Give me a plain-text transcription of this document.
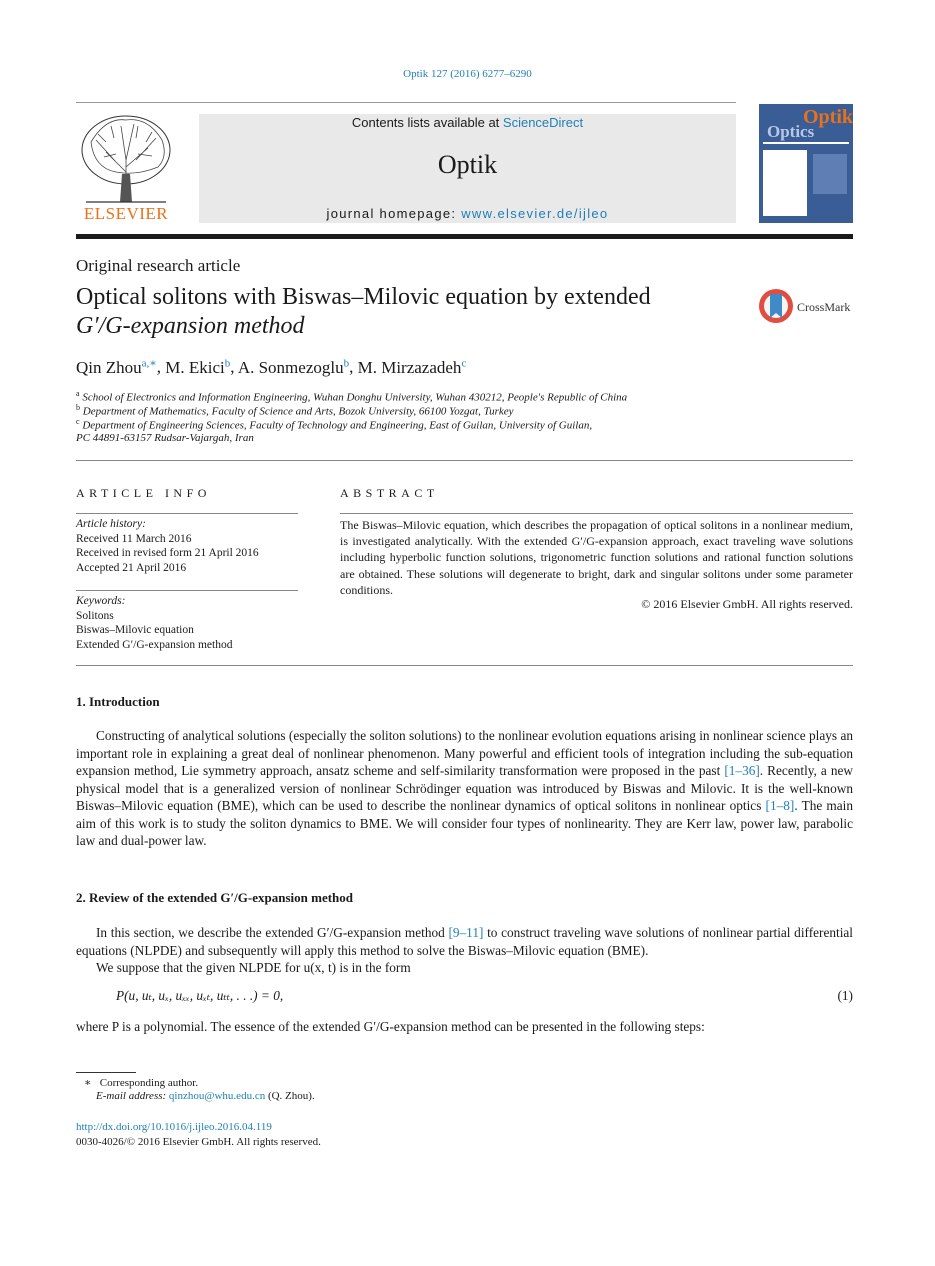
Optik 127 (2016) 6277–6290
ELSEVIER
Contents lists available at ScienceDirect
Optik
journal homepage: www.elsevier.de/ijleo
Optik
Optics
Original research article
Optical solitons with Biswas–Milovic equation by extended
G′/G-expansion method
CrossMark
Qin Zhou$^{a,∗}$, M. Ekici$^b$, A. Sonmezoglu$^b$, M. Mirzazadeh$^c$
$^a$ School of Electronics and Information Engineering, Wuhan Donghu University, Wuhan 430212, People's Republic of China
$^b$ Department of Mathematics, Faculty of Science and Arts, Bozok University, 66100 Yozgat, Turkey
$^c$ Department of Engineering Sciences, Faculty of Technology and Engineering, East of Guilan, University of Guilan,
PC 44891-63157 Rudsar-Vajargah, Iran
ARTICLE INFO	ABSTRACT
Article history:
Received 11 March 2016
Received in revised form 21 April 2016
Accepted 21 April 2016
Keywords:
Solitons
Biswas–Milovic equation
Extended G′/G-expansion method
The Biswas–Milovic equation, which describes the propagation of optical solitons in a nonlinear medium, is investigated analytically. With the extended G′/G-expansion approach, exact traveling wave solutions including hyperbolic function solutions, trigonometric function solutions and rational function solutions are obtained. These solutions will degenerate to bright, dark and singular solitons under some parameter conditions.
© 2016 Elsevier GmbH. All rights reserved.
1. Introduction
Constructing of analytical solutions (especially the soliton solutions) to the nonlinear evolution equations arising in nonlinear science plays an important role in explaining a great deal of nonlinear phenomenon. Many powerful and efficient tools of integration including the sub-equation expansion method, Lie symmetry approach, ansatz scheme and self-similarity transformation were proposed in the past [1–36]. Recently, a new physical model that is a generalized version of nonlinear Schrödinger equation was introduced by Biswas and Milovic. It is the well-known Biswas–Milovic equation (BME), which can be used to describe the nonlinear dynamics of optical solitons in nonlinear optics [1–8]. The main aim of this work is to study the soliton dynamics to BME. We will consider four types of nonlinearity. They are Kerr law, power law, parabolic law and dual-power law.
2. Review of the extended G′/G-expansion method
In this section, we describe the extended G′/G-expansion method [9–11] to construct traveling wave solutions of nonlinear partial differential equations (NLPDE) and subsequently will apply this method to solve the Biswas–Milovic equation (BME).
We suppose that the given NLPDE for u(x, t) is in the form
P(u, uₜ, uₓ, uₓₓ, uₓₜ, uₜₜ, . . .) = 0,	(1)
where P is a polynomial. The essence of the extended G′/G-expansion method can be presented in the following steps:
∗ Corresponding author.
E-mail address: qinzhou@whu.edu.cn (Q. Zhou).
http://dx.doi.org/10.1016/j.ijleo.2016.04.119
0030-4026/© 2016 Elsevier GmbH. All rights reserved.
